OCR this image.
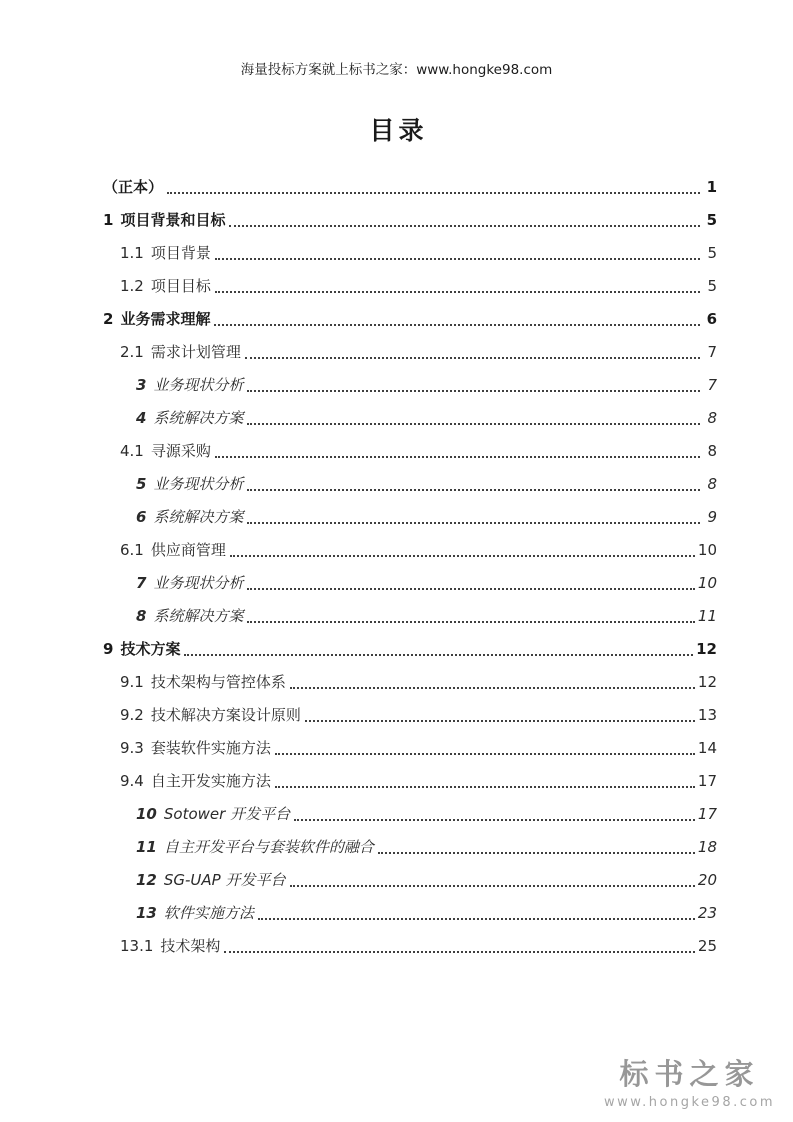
海量投标方案就上标书之家：www.hongke98.com
目录
（正本）	1
1 项目背景和目标	5
1.1 项目背景	5
1.2 项目目标	5
2 业务需求理解	6
2.1 需求计划管理	7
3 业务现状分析	7
4 系统解决方案	8
4.1 寻源采购	8
5 业务现状分析	8
6 系统解决方案	9
6.1 供应商管理	10
7 业务现状分析	10
8 系统解决方案	11
9 技术方案	12
9.1 技术架构与管控体系	12
9.2 技术解决方案设计原则	13
9.3 套装软件实施方法	14
9.4 自主开发实施方法	17
10 Sotower 开发平台	17
11 自主开发平台与套装软件的融合	18
12 SG-UAP 开发平台	20
13 软件实施方法	23
13.1 技术架构	25
标书之家
www.hongke98.com
